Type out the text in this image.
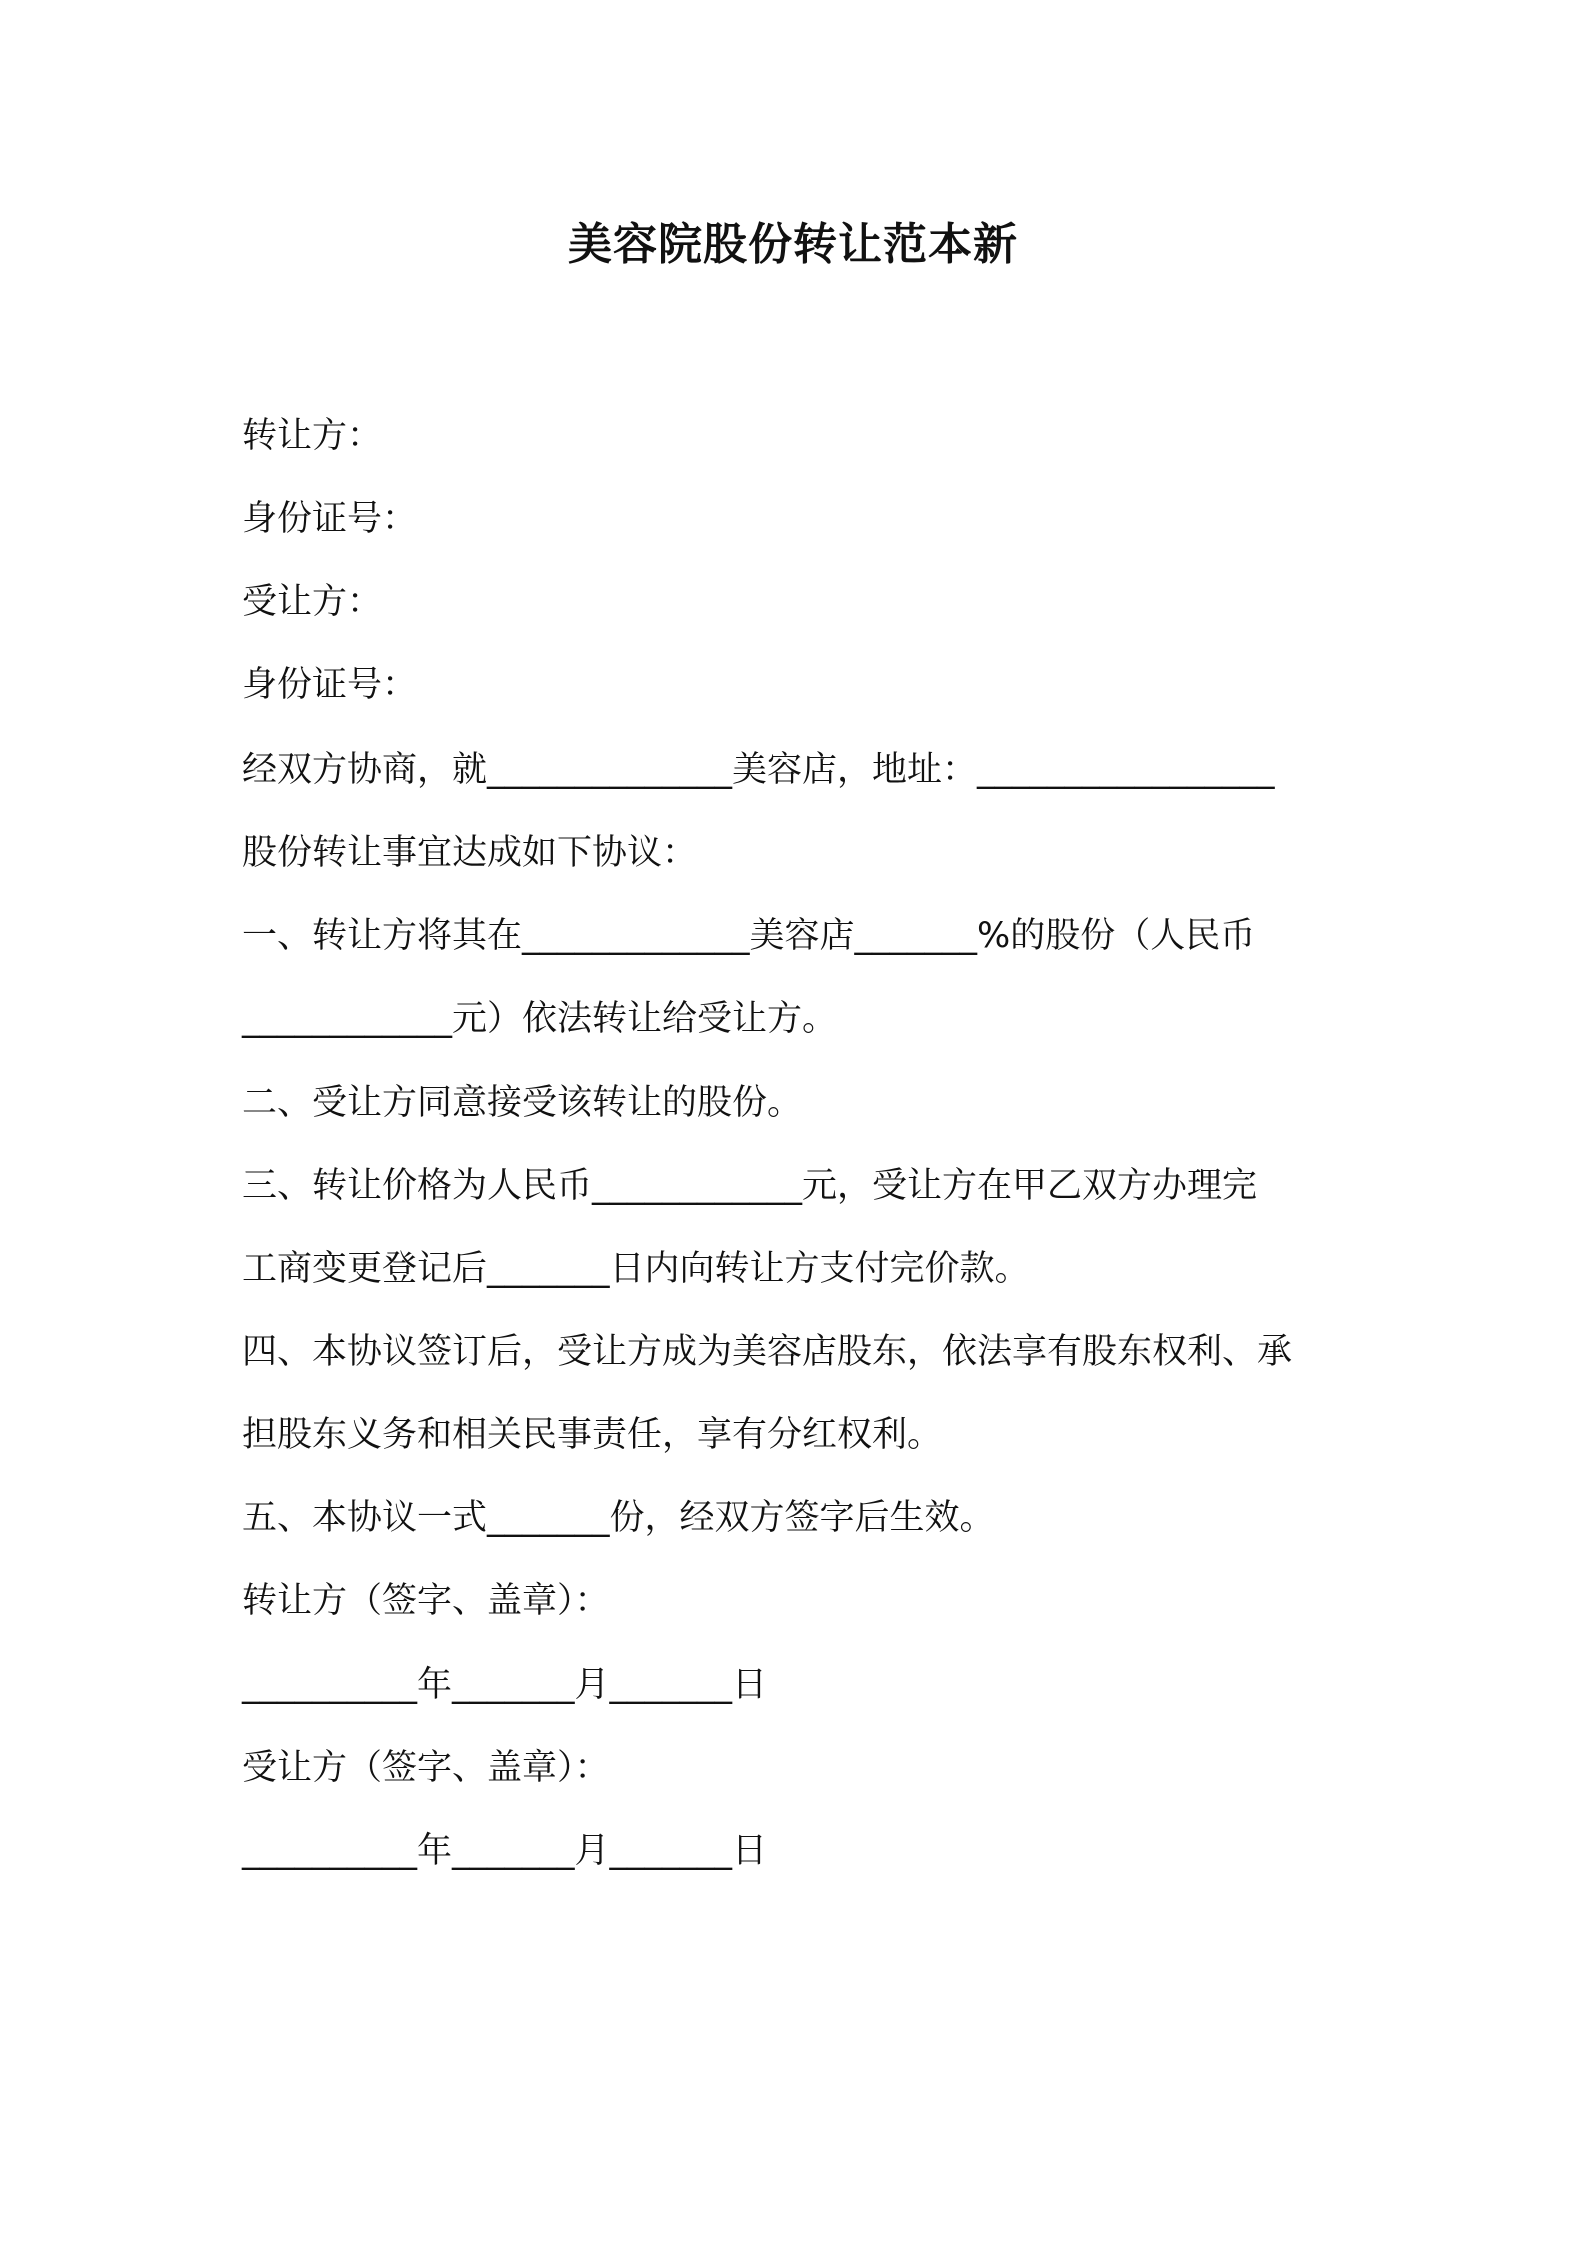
美容院股份转让范本新

转让方：

身份证号：

受让方：

身份证号：

经双方协商，就______________美容店，地址：_________________

股份转让事宜达成如下协议：

一、转让方将其在_____________美容店_______%的股份（人民币

____________元）依法转让给受让方。

二、受让方同意接受该转让的股份。

三、转让价格为人民币____________元，受让方在甲乙双方办理完

工商变更登记后_______日内向转让方支付完价款。

四、本协议签订后，受让方成为美容店股东，依法享有股东权利、承

担股东义务和相关民事责任，享有分红权利。

五、本协议一式_______份，经双方签字后生效。

转让方（签字、盖章）：

__________年_______月_______日

受让方（签字、盖章）：

__________年_______月_______日
